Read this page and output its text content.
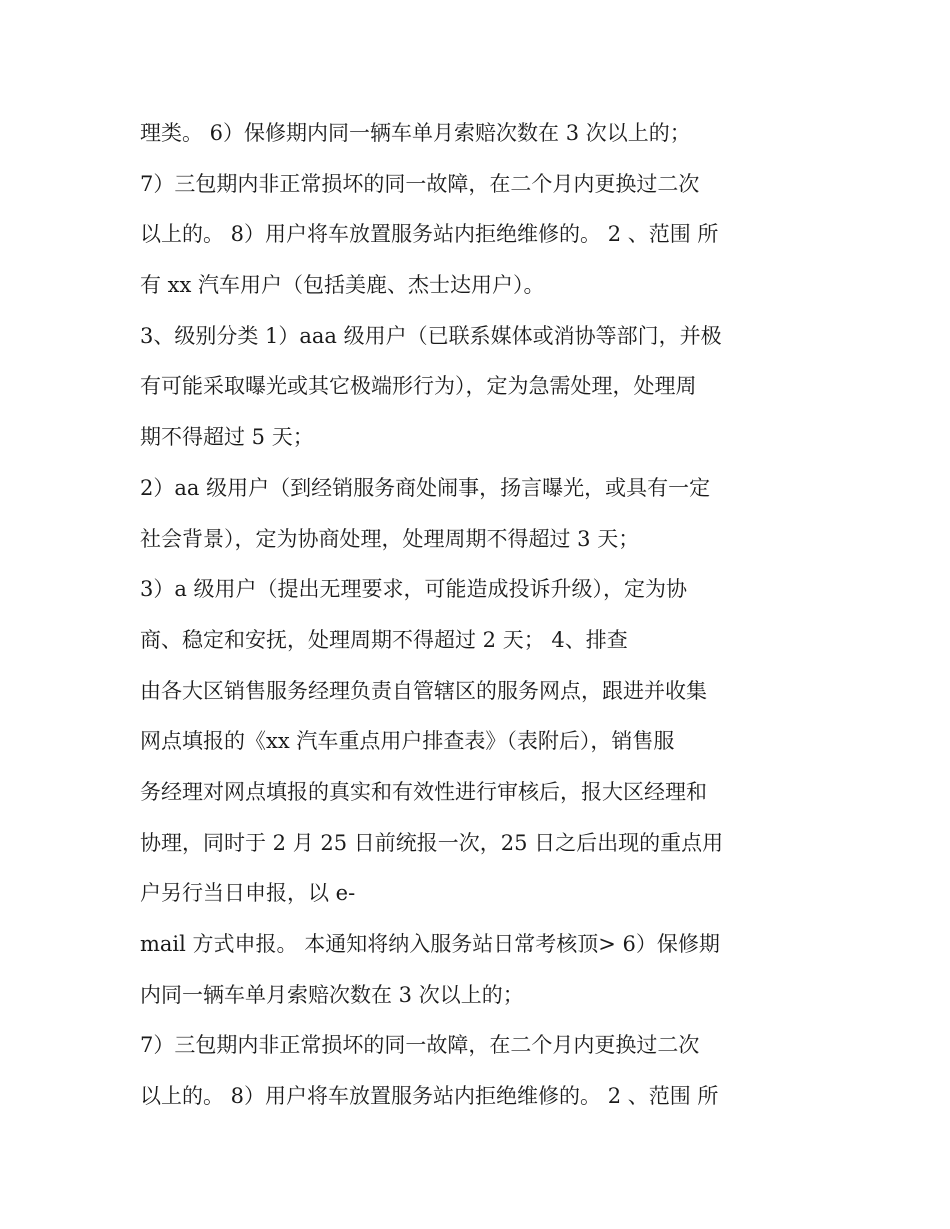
理类。 6）保修期内同一辆车单月索赔次数在 3 次以上的；
7）三包期内非正常损坏的同一故障，在二个月内更换过二次
以上的。 8）用户将车放置服务站内拒绝维修的。 2 、范围 所
有 xx 汽车用户（包括美鹿、杰士达用户）。
3、级别分类 1）aaa 级用户（已联系媒体或消协等部门，并极
有可能采取曝光或其它极端形行为），定为急需处理，处理周
期不得超过 5 天；
2）aa 级用户（到经销服务商处闹事，扬言曝光，或具有一定
社会背景），定为协商处理，处理周期不得超过 3 天；
3）a 级用户（提出无理要求，可能造成投诉升级），定为协
商、稳定和安抚，处理周期不得超过 2 天； 4、排查
由各大区销售服务经理负责自管辖区的服务网点，跟进并收集
网点填报的《xx 汽车重点用户排查表》（表附后），销售服
务经理对网点填报的真实和有效性进行审核后，报大区经理和
协理，同时于 2 月 25 日前统报一次，25 日之后出现的重点用
户另行当日申报，以 e-
mail 方式申报。 本通知将纳入服务站日常考核顶> 6）保修期
内同一辆车单月索赔次数在 3 次以上的；
7）三包期内非正常损坏的同一故障，在二个月内更换过二次
以上的。 8）用户将车放置服务站内拒绝维修的。 2 、范围 所
